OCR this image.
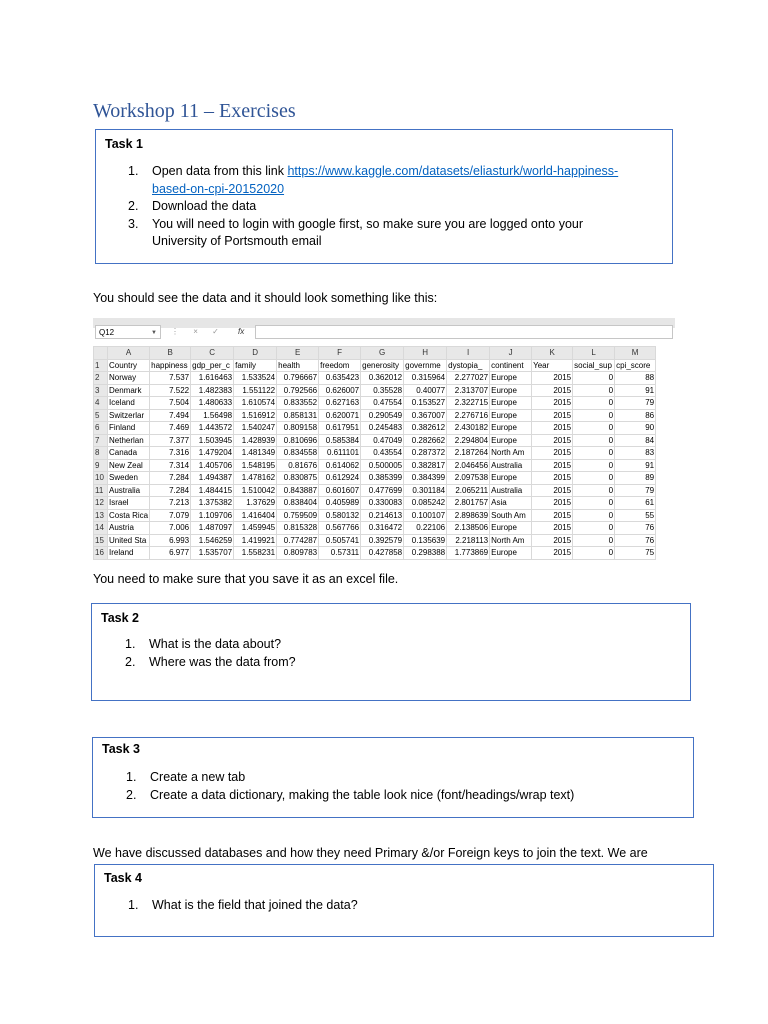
Workshop 11 – Exercises
Task 1
1. Open data from this link https://www.kaggle.com/datasets/eliasturk/world-happiness-
based-on-cpi-20152020
2. Download the data
3. You will need to login with google first, so make sure you are logged onto your
University of Portsmouth email
You should see the data and it should look something like this:
Q12	▼ ⋮ × ✓ fx
	A	B	C	D	E	F	G	H	I	J	K	L	M
1	Country	happiness	gdp_per_c	family	health	freedom	generosity	governme	dystopia_	continent	Year	social_sup	cpi_score
2	Norway	7.537	1.616463	1.533524	0.796667	0.635423	0.362012	0.315964	2.277027	Europe	2015	0	88
3	Denmark	7.522	1.482383	1.551122	0.792566	0.626007	0.35528	0.40077	2.313707	Europe	2015	0	91
4	Iceland	7.504	1.480633	1.610574	0.833552	0.627163	0.47554	0.153527	2.322715	Europe	2015	0	79
5	Switzerlar	7.494	1.56498	1.516912	0.858131	0.620071	0.290549	0.367007	2.276716	Europe	2015	0	86
6	Finland	7.469	1.443572	1.540247	0.809158	0.617951	0.245483	0.382612	2.430182	Europe	2015	0	90
7	Netherlan	7.377	1.503945	1.428939	0.810696	0.585384	0.47049	0.282662	2.294804	Europe	2015	0	84
8	Canada	7.316	1.479204	1.481349	0.834558	0.611101	0.43554	0.287372	2.187264	North Am	2015	0	83
9	New Zeal	7.314	1.405706	1.548195	0.81676	0.614062	0.500005	0.382817	2.046456	Australia	2015	0	91
10	Sweden	7.284	1.494387	1.478162	0.830875	0.612924	0.385399	0.384399	2.097538	Europe	2015	0	89
11	Australia	7.284	1.484415	1.510042	0.843887	0.601607	0.477699	0.301184	2.065211	Australia	2015	0	79
12	Israel	7.213	1.375382	1.37629	0.838404	0.405989	0.330083	0.085242	2.801757	Asia	2015	0	61
13	Costa Rica	7.079	1.109706	1.416404	0.759509	0.580132	0.214613	0.100107	2.898639	South Am	2015	0	55
14	Austria	7.006	1.487097	1.459945	0.815328	0.567766	0.316472	0.22106	2.138506	Europe	2015	0	76
15	United Sta	6.993	1.546259	1.419921	0.774287	0.505741	0.392579	0.135639	2.218113	North Am	2015	0	76
16	Ireland	6.977	1.535707	1.558231	0.809783	0.57311	0.427858	0.298388	1.773869	Europe	2015	0	75
You need to make sure that you save it as an excel file.
Task 2
1. What is the data about?
2. Where was the data from?
Task 3
1. Create a new tab
2. Create a data dictionary, making the table look nice (font/headings/wrap text)
We have discussed databases and how they need Primary &/or Foreign keys to join the text. We are
Task 4
1. What is the field that joined the data?
